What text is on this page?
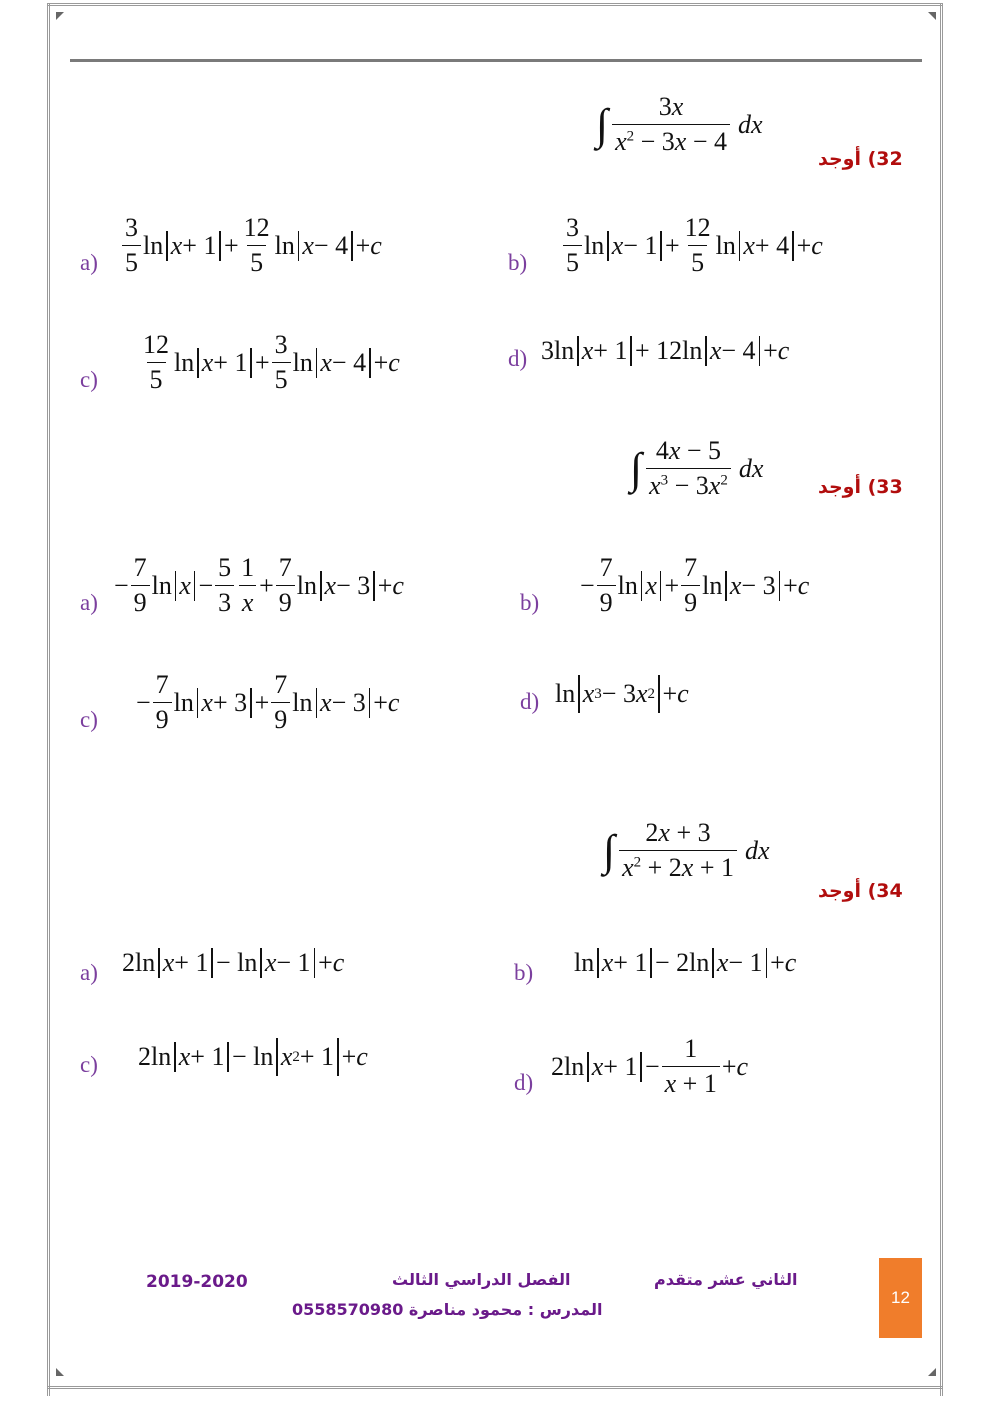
∫ $\frac{3x}{x^2 - 3x - 4}$ dx
32) أوجد
$a) \frac{3}{5}$ ln x + 1
+ $\frac{12}{5}$ ln x − 4
+ c
$b) \frac{3}{5}$ ln x − 1
+ $\frac{12}{5}$ ln x + 4
+ c
$c) \frac{12}{5}$ ln x + 1
+ $\frac{3}{5}$ ln x − 4
+ c	d) 3ln x + 1
+ 12ln x − 4
+ c
∫ $\frac{4x - 5}{x^3 - 3x^2}$ dx
33) أوجد
a)
− $\frac{7}{9}$ $\ln x - \frac{5}{3} \frac{1}{x} + \frac{7}{9}$ ln x − 3
+ c
b)
− $\frac{7}{9}$ $\ln x + \frac{7}{9}$ ln x − 3
+ c
c)
− $\frac{7}{9}$ ln x + 3
+ $\frac{7}{9}$ ln x − 3
+ c	d) ln x 3 − 3 x 2 + c
∫ $\frac{2x + 3}{x^2 + 2x + 1}$ dx
34) أوجد
a) 2ln x + 1
− ln x − 1
+ c	b) ln x + 1
− 2ln x − 1
+ c
c) 2ln x + 1
− ln x 2 + 1
+ c
d)
2ln x + 1
− $\frac{1}{x + 1} + c$
الثاني عشر متقدم
الفصل الدراسي الثالث
2019-2020
المدرس : محمود مناصرة 0558570980
12
